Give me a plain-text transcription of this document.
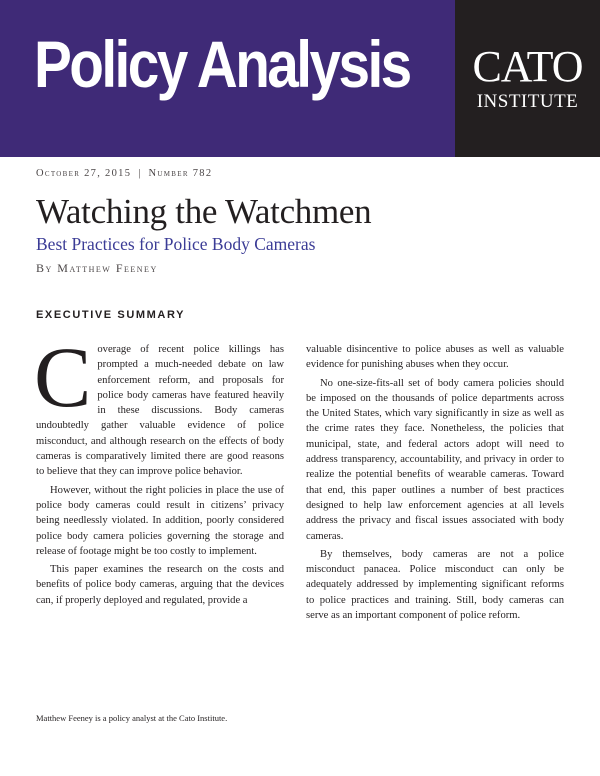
Policy Analysis	CATO
INSTITUTE
October 27, 2015 | Number 782
Watching the Watchmen
Best Practices for Police Body Cameras
By Matthew Feeney
EXECUTIVE SUMMARY

Coverage of recent police killings has prompted a much-needed debate on law enforcement reform, and proposals for police body cameras have featured heavily in these discussions. Body cameras undoubtedly gather valuable evidence of police misconduct, and although research on the effects of body cameras is comparatively limited there are good reasons to believe that they can improve police behavior.

However, without the right policies in place the use of police body cameras could result in citizens’ privacy being needlessly violated. In addition, poorly considered police body camera policies governing the storage and release of footage might be too costly to implement.

This paper examines the research on the costs and benefits of police body cameras, arguing that the devices can, if properly deployed and regulated, provide a

valuable disincentive to police abuses as well as valuable evidence for punishing abuses when they occur.

No one-size-fits-all set of body camera policies should be imposed on the thousands of police departments across the United States, which vary significantly in size as well as the crime rates they face. Nonetheless, the policies that municipal, state, and federal actors adopt will need to address transparency, accountability, and privacy in order to realize the potential benefits of wearable cameras. Toward that end, this paper outlines a number of best practices designed to help law enforcement agencies at all levels address the privacy and fiscal issues associated with body cameras.

By themselves, body cameras are not a police misconduct panacea. Police misconduct can only be adequately addressed by implementing significant reforms to police practices and training. Still, body cameras can serve as an important component of police reform.

Matthew Feeney is a policy analyst at the Cato Institute.
